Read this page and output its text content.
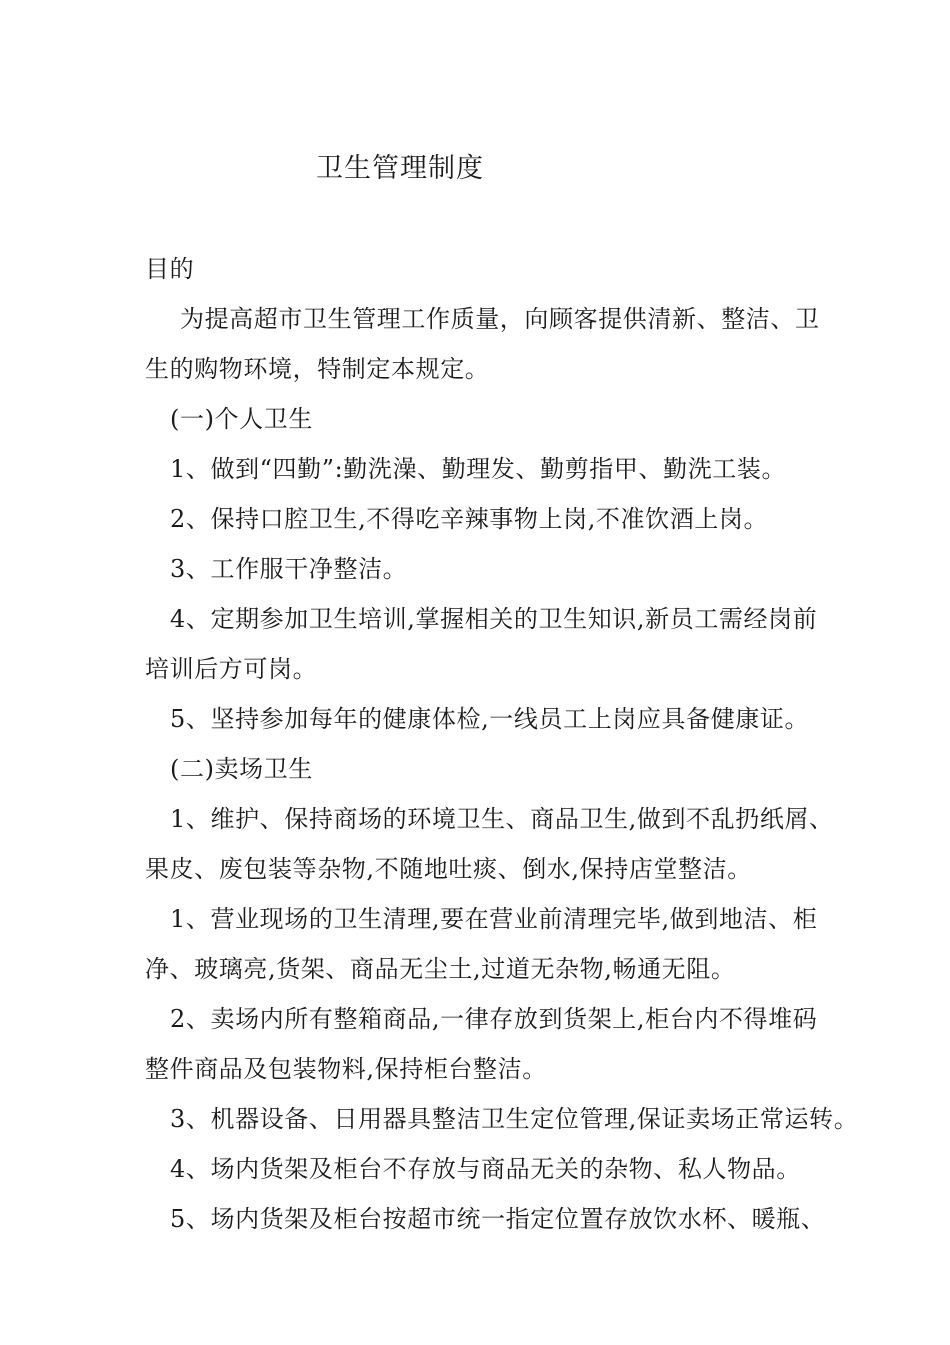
卫生管理制度
目的
为提高超市卫生管理工作质量，向顾客提供清新、整洁、卫
生的购物环境，特制定本规定。
(一)个人卫生
1、做到“四勤”:勤洗澡、勤理发、勤剪指甲、勤洗工装。
2、保持口腔卫生,不得吃辛辣事物上岗,不准饮酒上岗。
3、工作服干净整洁。
4、定期参加卫生培训,掌握相关的卫生知识,新员工需经岗前
培训后方可岗。
5、坚持参加每年的健康体检,一线员工上岗应具备健康证。
(二)卖场卫生
1、维护、保持商场的环境卫生、商品卫生,做到不乱扔纸屑、
果皮、废包装等杂物,不随地吐痰、倒水,保持店堂整洁。
1、营业现场的卫生清理,要在营业前清理完毕,做到地洁、柜
净、玻璃亮,货架、商品无尘土,过道无杂物,畅通无阻。
2、卖场内所有整箱商品,一律存放到货架上,柜台内不得堆码
整件商品及包装物料,保持柜台整洁。
3、机器设备、日用器具整洁卫生定位管理,保证卖场正常运转。
4、场内货架及柜台不存放与商品无关的杂物、私人物品。
5、场内货架及柜台按超市统一指定位置存放饮水杯、暖瓶、
